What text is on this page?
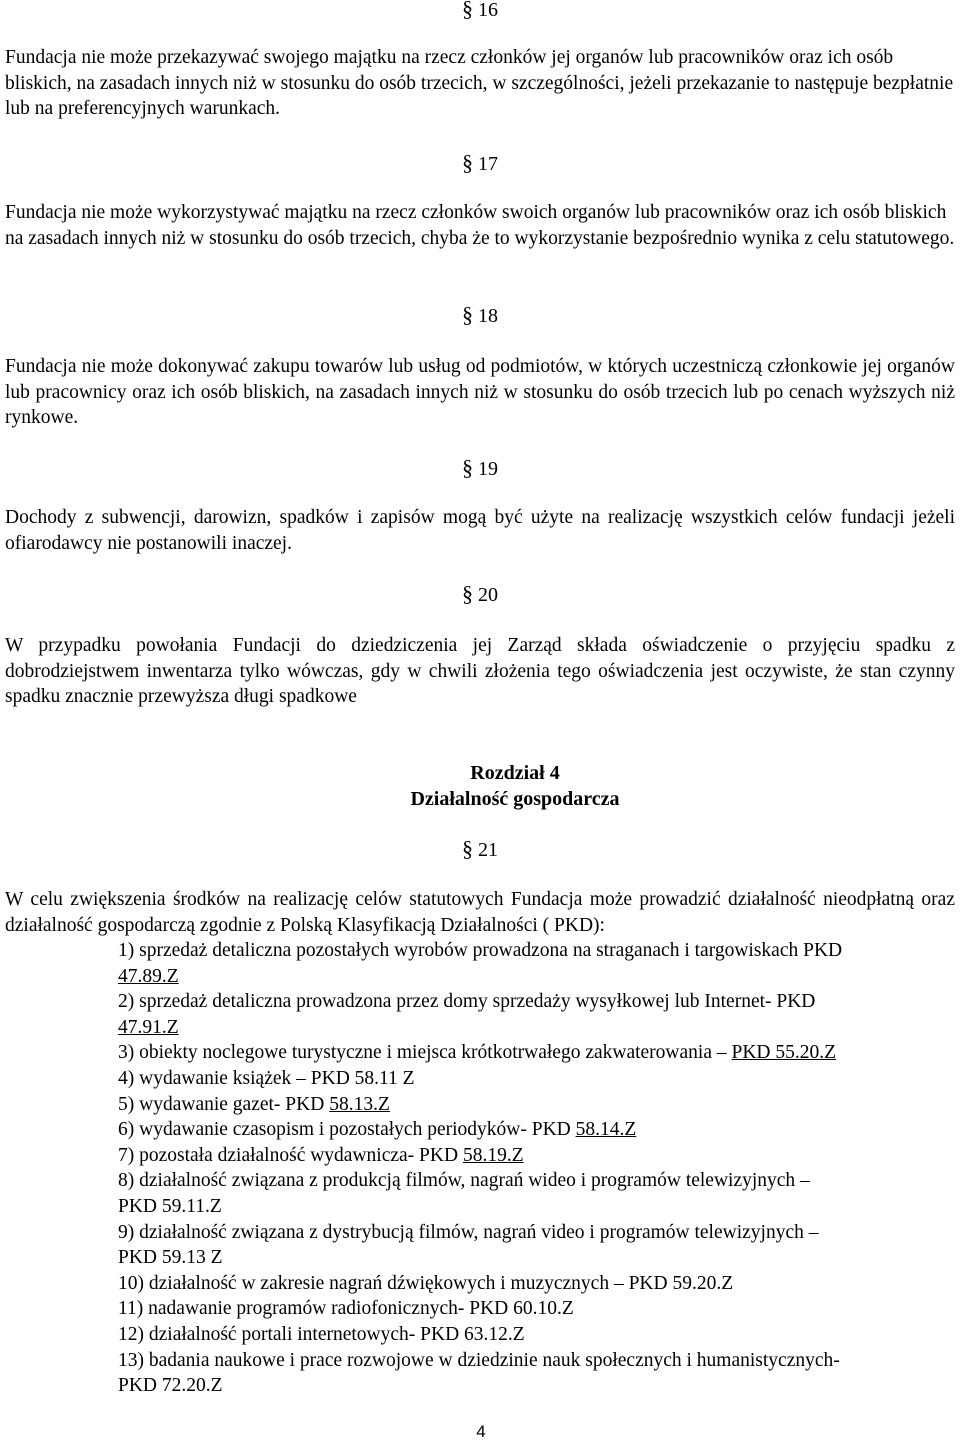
§ 16

Fundacja nie może przekazywać swojego majątku na rzecz członków jej organów lub pracowników oraz ich osób bliskich, na zasadach innych niż w stosunku do osób trzecich, w szczególności, jeżeli przekazanie to następuje bezpłatnie lub na preferencyjnych warunkach.

§ 17

Fundacja nie może wykorzystywać majątku na rzecz członków swoich organów lub pracowników oraz ich osób bliskich na zasadach innych niż w stosunku do osób trzecich, chyba że to wykorzystanie bezpośrednio wynika z celu statutowego.

§ 18

Fundacja nie może dokonywać zakupu towarów lub usług od podmiotów, w których uczestniczą członkowie jej organów lub pracownicy oraz ich osób bliskich, na zasadach innych niż w stosunku do osób trzecich lub po cenach wyższych niż rynkowe.

§ 19

Dochody z subwencji, darowizn, spadków i zapisów mogą być użyte na realizację wszystkich celów fundacji jeżeli ofiarodawcy nie postanowili inaczej.

§ 20

W przypadku powołania Fundacji do dziedziczenia jej Zarząd składa oświadczenie o przyjęciu spadku z dobrodziejstwem inwentarza tylko wówczas, gdy w chwili złożenia tego oświadczenia jest oczywiste, że stan czynny spadku znacznie przewyższa długi spadkowe

Rozdział 4
Działalność gospodarcza
§ 21

W celu zwiększenia środków na realizację celów statutowych Fundacja może prowadzić działalność nieodpłatną oraz działalność gospodarczą zgodnie z Polską Klasyfikacją Działalności ( PKD):

1) sprzedaż detaliczna pozostałych wyrobów prowadzona na straganach i targowiskach PKD
47.89.Z
2) sprzedaż detaliczna prowadzona przez domy sprzedaży wysyłkowej lub Internet- PKD
47.91.Z
3) obiekty noclegowe turystyczne i miejsca krótkotrwałego zakwaterowania – PKD 55.20.Z
4) wydawanie książek – PKD 58.11 Z
5) wydawanie gazet- PKD 58.13.Z
6) wydawanie czasopism i pozostałych periodyków- PKD 58.14.Z
7) pozostała działalność wydawnicza- PKD 58.19.Z
8) działalność związana z produkcją filmów, nagrań wideo i programów telewizyjnych –
PKD 59.11.Z
9) działalność związana z dystrybucją filmów, nagrań video i programów telewizyjnych –
PKD 59.13 Z
10) działalność w zakresie nagrań dźwiękowych i muzycznych – PKD 59.20.Z
11) nadawanie programów radiofonicznych- PKD 60.10.Z
12) działalność portali internetowych- PKD 63.12.Z
13) badania naukowe i prace rozwojowe w dziedzinie nauk społecznych i humanistycznych-
PKD 72.20.Z
4
